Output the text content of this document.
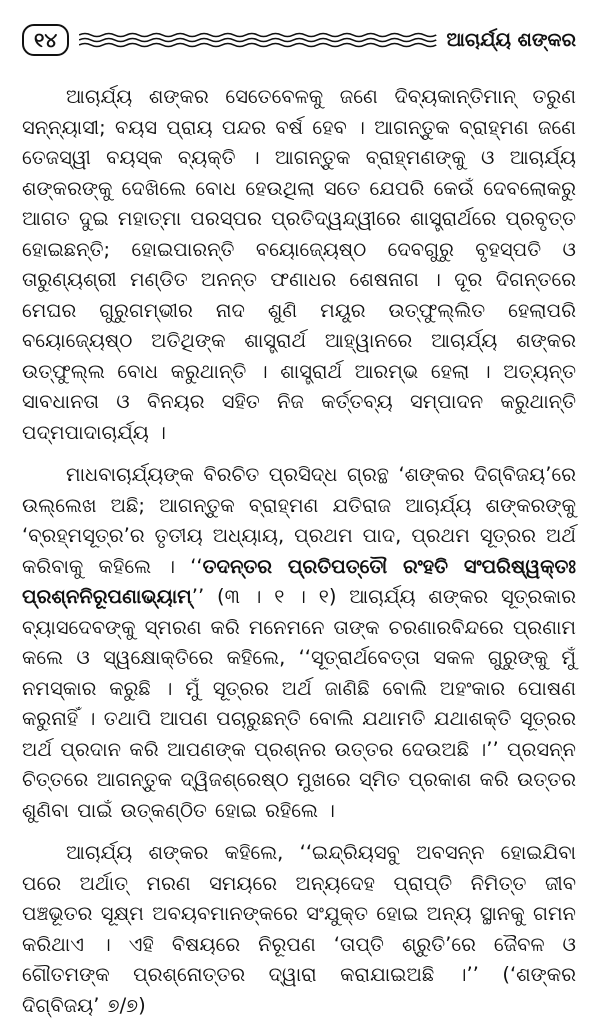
୧୪	ଆଚାର୍ଯ୍ୟ ଶଙ୍କର

ଆଚାର୍ଯ୍ୟ ଶଙ୍କର ସେତେବେଳକୁ ଜଣେ ଦିବ୍ୟକାନ୍ତିମାନ୍ ତରୁଣ ସନ୍ନ୍ୟାସୀ; ବୟସ ପ୍ରାୟ ପନ୍ଦର ବର୍ଷ ହେବ । ଆଗନ୍ତୁକ ବ୍ରାହ୍ମଣ ଜଣେ ତେଜସ୍ୱୀ ବୟସ୍କ ବ୍ୟକ୍ତି । ଆଗନ୍ତୁକ ବ୍ରାହ୍ମଣଙ୍କୁ ଓ ଆଚାର୍ଯ୍ୟ ଶଙ୍କରଙ୍କୁ ଦେଖିଲେ ବୋଧ ହେଉଥିଲା ସତେ ଯେପରି କେଉଁ ଦେବଲୋକରୁ ଆଗତ ଦୁଇ ମହାତ୍ମା ପରସ୍ପର ପ୍ରତିଦ୍ୱନ୍ଦ୍ୱୀରେ ଶାସ୍ତ୍ରାର୍ଥରେ ପ୍ରବୃତ୍ତ ହୋଇଛନ୍ତି; ହୋଇପାରନ୍ତି ବୟୋଜ୍ୟେଷ୍ଠ ଦେବଗୁରୁ ବୃହସ୍ପତି ଓ ତାରୁଣ୍ୟଶ୍ରୀ ମଣ୍ଡିତ ଅନନ୍ତ ଫଣାଧର ଶେଷନାଗ । ଦୂର ଦିଗନ୍ତରେ ମେଘର ଗୁରୁଗମ୍ଭୀର ନାଦ ଶୁଣି ମୟୂର ଉତ୍ଫୁଲ୍ଲିତ ହେଲାପରି ବୟୋଜ୍ୟେଷ୍ଠ ଅତିଥିଙ୍କ ଶାସ୍ତ୍ରାର୍ଥ ଆହ୍ୱାନରେ ଆଚାର୍ଯ୍ୟ ଶଙ୍କର ଉତ୍ଫୁଲ୍ଲ ବୋଧ କରୁଥାନ୍ତି । ଶାସ୍ତ୍ରାର୍ଥ ଆରମ୍ଭ ହେଲା । ଅତ୍ୟନ୍ତ ସାବଧାନତା ଓ ବିନୟର ସହିତ ନିଜ କର୍ତ୍ତବ୍ୟ ସମ୍ପାଦନ କରୁଥାନ୍ତି ପଦ୍ମପାଦାଚାର୍ଯ୍ୟ ।

ମାଧବାଚାର୍ଯ୍ୟଙ୍କ ବିରଚିତ ପ୍ରସିଦ୍ଧ ଗ୍ରନ୍ଥ ‘ଶଙ୍କର ଦିଗ୍‌ବିଜୟ’ରେ ଉଲ୍ଲେଖ ଅଛି; ଆଗନ୍ତୁକ ବ୍ରାହ୍ମଣ ଯତିରାଜ ଆଚାର୍ଯ୍ୟ ଶଙ୍କରଙ୍କୁ ‘ବ୍ରହ୍ମସୂତ୍ର’ର ତୃତୀୟ ଅଧ୍ୟାୟ, ପ୍ରଥମ ପାଦ, ପ୍ରଥମ ସୂତ୍ରର ଅର୍ଥ କରିବାକୁ କହିଲେ । ‘‘ତଦନ୍ତର ପ୍ରତିପତ୍ତୌ ରଂହତି ସଂପରିଷ୍ୱକ୍ତଃ ପ୍ରଶ୍ନନିରୂପଣାଭ୍ୟାମ୍’’ (୩ । ୧ । ୧) ଆଚାର୍ଯ୍ୟ ଶଙ୍କର ସୂତ୍ରକାର ବ୍ୟାସଦେବଙ୍କୁ ସ୍ମରଣ କରି ମନେମନେ ତାଙ୍କ ଚରଣାରବିନ୍ଦରେ ପ୍ରଣାମ କଲେ ଓ ସ୍ୱକ୍ଷୋକ୍ତିରେ କହିଲେ, ‘‘ସୂତ୍ରାର୍ଥବେତ୍ତା ସକଳ ଗୁରୁଙ୍କୁ ମୁଁ ନମସ୍କାର କରୁଛି । ମୁଁ ସୂତ୍ରର ଅର୍ଥ ଜାଣିଛି ବୋଲି ଅହଂକାର ପୋଷଣ କରୁନାହିଁ । ତଥାପି ଆପଣ ପଚାରୁଛନ୍ତି ବୋଲି ଯଥାମତି ଯଥାଶକ୍ତି ସୂତ୍ରର ଅର୍ଥ ପ୍ରଦାନ କରି ଆପଣଙ୍କ ପ୍ରଶ୍ନର ଉତ୍ତର ଦେଉଅଛି ।’’ ପ୍ରସନ୍ନ ଚିତ୍ତରେ ଆଗନ୍ତୁକ ଦ୍ୱିଜଶ୍ରେଷ୍ଠ ମୁଖରେ ସ୍ମିତ ପ୍ରକାଶ କରି ଉତ୍ତର ଶୁଣିବା ପାଇଁ ଉତ୍କଣ୍ଠିତ ହୋଇ ରହିଲେ ।

ଆଚାର୍ଯ୍ୟ ଶଙ୍କର କହିଲେ, ‘‘ଇନ୍ଦ୍ରିୟସବୁ ଅବସନ୍ନ ହୋଇଯିବା ପରେ ଅର୍ଥାତ୍ ମରଣ ସମୟରେ ଅନ୍ୟଦେହ ପ୍ରାପ୍ତି ନିମିତ୍ତ ଜୀବ ପଞ୍ଚଭୂତର ସୂକ୍ଷ୍ମ ଅବୟବମାନଙ୍କରେ ସଂଯୁକ୍ତ ହୋଇ ଅନ୍ୟ ସ୍ଥାନକୁ ଗମନ କରିଥାଏ । ଏହି ବିଷୟରେ ନିରୂପଣ ‘ତାପ୍ତି ଶ୍ରୁତି’ରେ ଜୈବଳ ଓ ଗୌତମଙ୍କ ପ୍ରଶ୍ନୋତ୍ତର ଦ୍ୱାରା କରାଯାଇଅଛି ।’’ (‘ଶଙ୍କର ଦିଗ୍‌ବିଜୟ’ ୭/୭)
